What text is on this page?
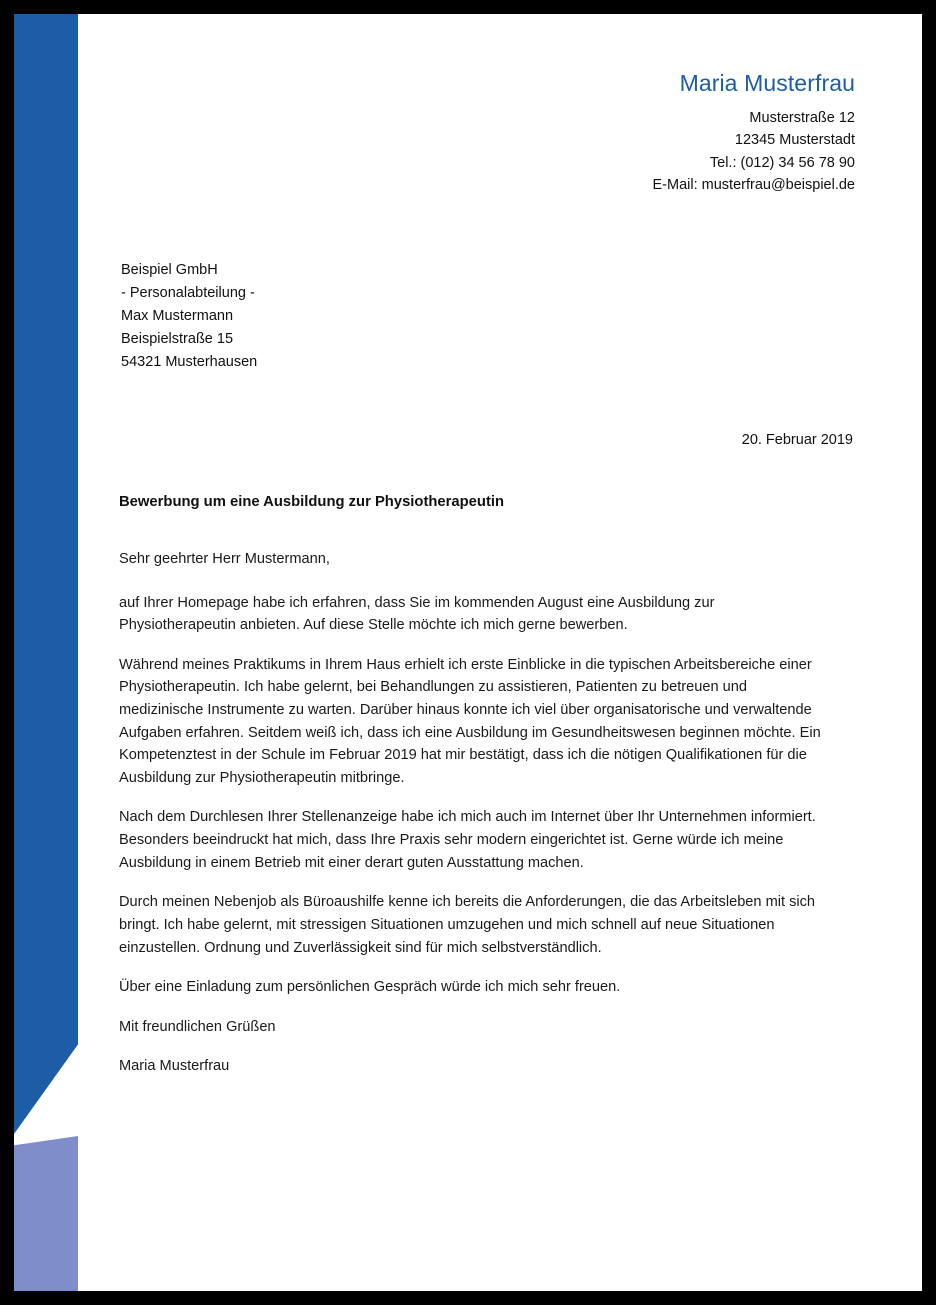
Maria Musterfrau
Musterstraße 12
12345 Musterstadt
Tel.: (012) 34 56 78 90
E-Mail: musterfrau@beispiel.de
Beispiel GmbH
- Personalabteilung -
Max Mustermann
Beispielstraße 15
54321 Musterhausen
20. Februar 2019
Bewerbung um eine Ausbildung zur Physiotherapeutin

Sehr geehrter Herr Mustermann,

auf Ihrer Homepage habe ich erfahren, dass Sie im kommenden August eine Ausbildung zur Physiotherapeutin anbieten. Auf diese Stelle möchte ich mich gerne bewerben.

Während meines Praktikums in Ihrem Haus erhielt ich erste Einblicke in die typischen Arbeitsbereiche einer Physiotherapeutin. Ich habe gelernt, bei Behandlungen zu assistieren, Patienten zu betreuen und medizinische Instrumente zu warten. Darüber hinaus konnte ich viel über organisatorische und verwaltende Aufgaben erfahren. Seitdem weiß ich, dass ich eine Ausbildung im Gesundheitswesen beginnen möchte. Ein Kompetenztest in der Schule im Februar 2019 hat mir bestätigt, dass ich die nötigen Qualifikationen für die Ausbildung zur Physiotherapeutin mitbringe.

Nach dem Durchlesen Ihrer Stellenanzeige habe ich mich auch im Internet über Ihr Unternehmen informiert. Besonders beeindruckt hat mich, dass Ihre Praxis sehr modern eingerichtet ist. Gerne würde ich meine Ausbildung in einem Betrieb mit einer derart guten Ausstattung machen.

Durch meinen Nebenjob als Büroaushilfe kenne ich bereits die Anforderungen, die das Arbeitsleben mit sich bringt. Ich habe gelernt, mit stressigen Situationen umzugehen und mich schnell auf neue Situationen einzustellen. Ordnung und Zuverlässigkeit sind für mich selbstverständlich.

Über eine Einladung zum persönlichen Gespräch würde ich mich sehr freuen.

Mit freundlichen Grüßen

Maria Musterfrau
